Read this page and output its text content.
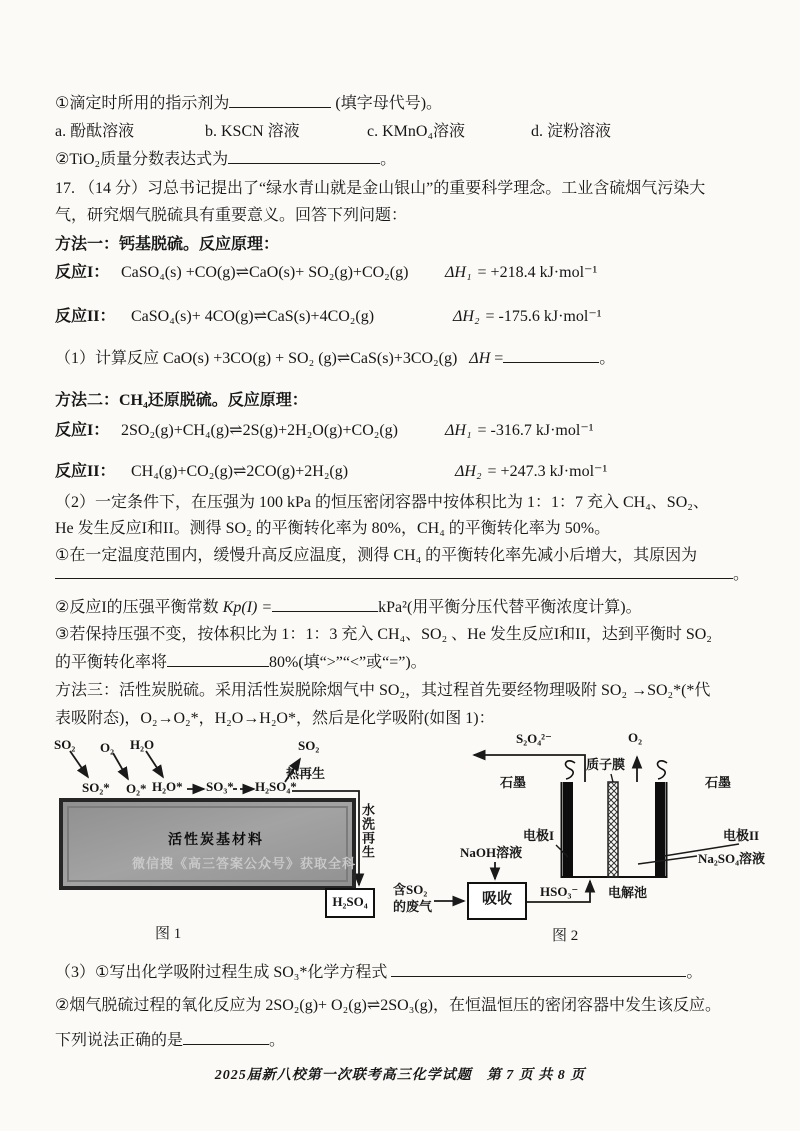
①滴定时所用的指示剂为	(填字母代号)。

a. 酚酞溶液	b. KSCN 溶液	c. KMnO₄溶液	d. 淀粉溶液

②TiO₂质量分数表达式为	。

17. （14 分）习总书记提出了“绿水青山就是金山银山”的重要科学理念。工业含硫烟气污染大

气，研究烟气脱硫具有重要意义。回答下列问题：

方法一：钙基脱硫。反应原理：

反应I： CaSO₄(s) +CO(g)⇌CaO(s)+ SO₂(g)+CO₂(g) ΔH₁ = +218.4 kJ·mol⁻¹

反应II： CaSO₄(s)+ 4CO(g)⇌CaS(s)+4CO₂(g)	ΔH₂ = -175.6 kJ·mol⁻¹

（1）计算反应 CaO(s) +3CO(g) + SO₂ (g)⇌CaS(s)+3CO₂(g) ΔH =	。

方法二：CH₄还原脱硫。反应原理：

反应I： 2SO₂(g)+CH₄(g)⇌2S(g)+2H₂O(g)+CO₂(g)	ΔH₁ = -316.7 kJ·mol⁻¹

反应II： CH₄(g)+CO₂(g)⇌2CO(g)+2H₂(g)	ΔH₂ = +247.3 kJ·mol⁻¹

（2）一定条件下，在压强为 100 kPa 的恒压密闭容器中按体积比为 1：1：7 充入 CH₄、SO₂、

He 发生反应I和II。测得 SO₂ 的平衡转化率为 80%，CH₄ 的平衡转化率为 50%。

①在一定温度范围内，缓慢升高反应温度，测得 CH₄ 的平衡转化率先减小后增大，其原因为

。

②反应I的压强平衡常数 Kp(I) =	kPa²(用平衡分压代替平衡浓度计算)。

③若保持压强不变，按体积比为 1：1：3 充入 CH₄、SO₂ 、He 发生反应I和II，达到平衡时 SO₂

的平衡转化率将	80%(填“>”“<”或“=”)。

方法三：活性炭脱硫。采用活性炭脱除烟气中 SO₂，其过程首先要经物理吸附 SO₂ →SO₂*(*代

表吸附态)，O₂→O₂*，H₂O→H₂O*，然后是化学吸附(如图 1)：

SO₂ O₂ H₂O	SO₂
热再生
SO₂* O₂* H₂O* SO₃* H₂SO₄*
活性炭基材料
微信搜《高三答案公众号》获取全科
水洗再生
H₂SO₄
图 1
S₂O₄²⁻	O₂
质子膜
石墨	石墨
电极I	电极II
NaOH溶液	Na₂SO₄溶液
含SO₂
的废气	吸收	HSO₃⁻ 电解池
图 2

（3）①写出化学吸附过程生成 SO₃*化学方程式	。

②烟气脱硫过程的氧化反应为 2SO₂(g)+ O₂(g)⇌2SO₃(g)，在恒温恒压的密闭容器中发生该反应。

下列说法正确的是	。

2025届新八校第一次联考高三化学试题　第 7 页 共 8 页
